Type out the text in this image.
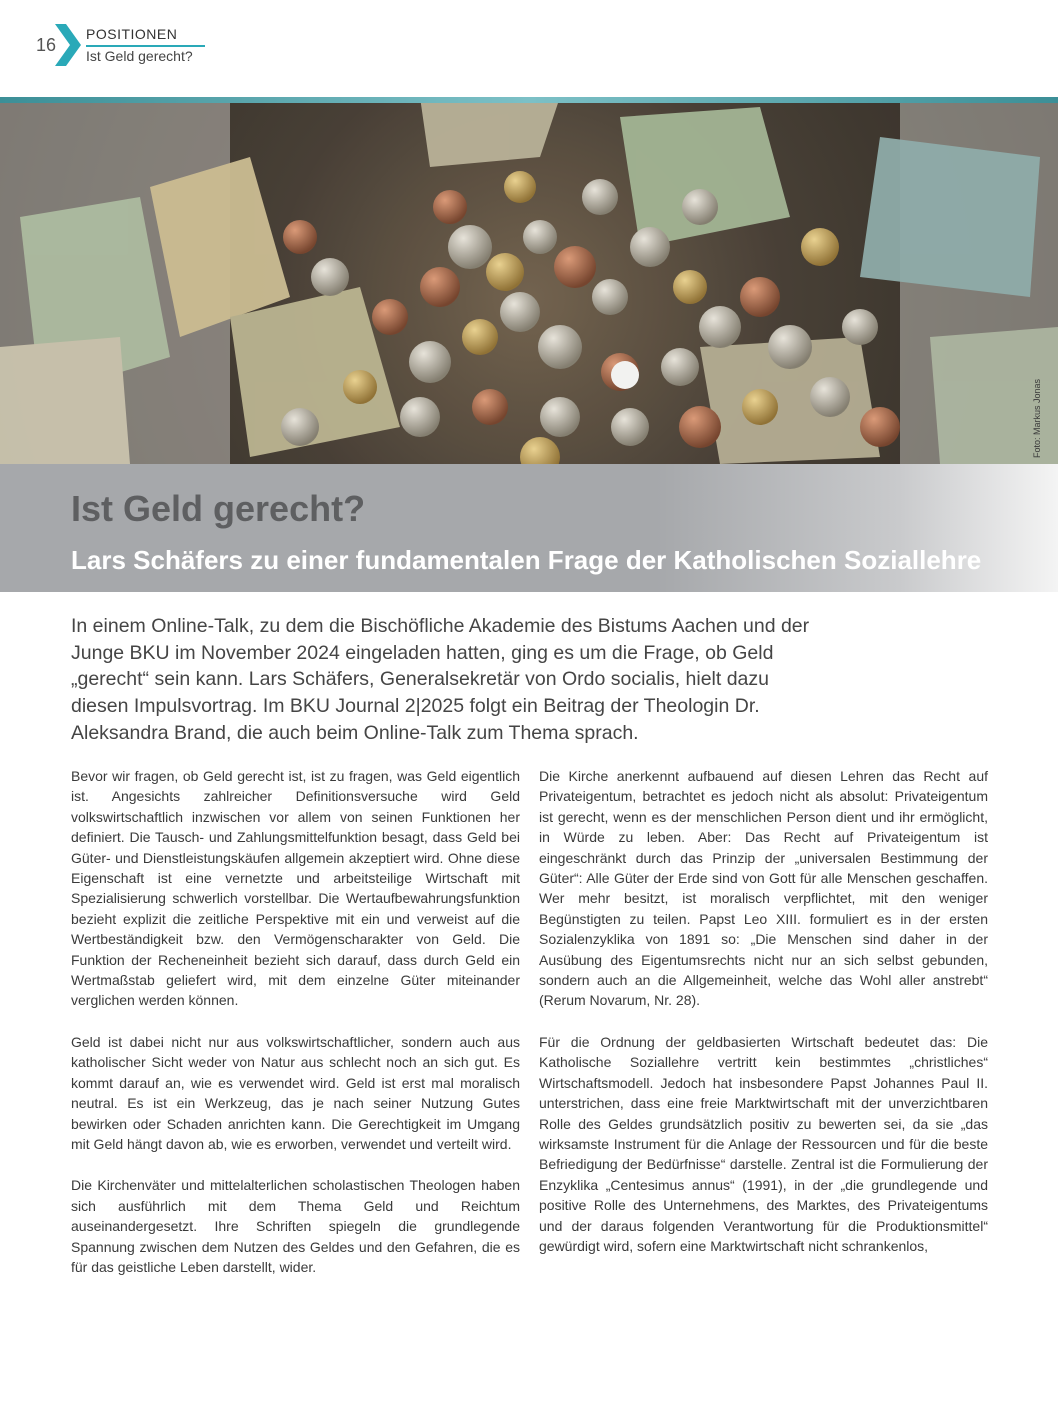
16
POSITIONEN
Ist Geld gerecht?
Foto: Markus Jonas
Ist Geld gerecht?
Lars Schäfers zu einer fundamentalen Frage der Katholischen Soziallehre

In einem Online-Talk, zu dem die Bischöfliche Akademie des Bistums Aachen und der Junge BKU im November 2024 eingeladen hatten, ging es um die Frage, ob Geld „gerecht“ sein kann. Lars Schäfers, Generalsekretär von Ordo socialis, hielt dazu diesen Impulsvortrag. Im BKU Journal 2|2025 folgt ein Beitrag der Theologin Dr. Aleksandra Brand, die auch beim Online-Talk zum Thema sprach.

Bevor wir fragen, ob Geld gerecht ist, ist zu fragen, was Geld eigentlich ist. Angesichts zahlreicher Definitionsversuche wird Geld volkswirtschaftlich inzwischen vor allem von seinen Funktionen her definiert. Die Tausch- und Zahlungsmittelfunktion besagt, dass Geld bei Güter- und Dienstleistungskäufen allgemein akzeptiert wird. Ohne diese Eigenschaft ist eine vernetzte und arbeitsteilige Wirtschaft mit Spezialisierung schwerlich vorstellbar. Die Wertaufbewahrungsfunktion bezieht explizit die zeitliche Perspektive mit ein und verweist auf die Wertbeständigkeit bzw. den Vermögenscharakter von Geld. Die Funktion der Recheneinheit bezieht sich darauf, dass durch Geld ein Wertmaßstab geliefert wird, mit dem einzelne Güter miteinander verglichen werden können.

Geld ist dabei nicht nur aus volkswirtschaftlicher, sondern auch aus katholischer Sicht weder von Natur aus schlecht noch an sich gut. Es kommt darauf an, wie es verwendet wird. Geld ist erst mal moralisch neutral. Es ist ein Werkzeug, das je nach seiner Nutzung Gutes bewirken oder Schaden anrichten kann. Die Gerechtigkeit im Umgang mit Geld hängt davon ab, wie es erworben, verwendet und verteilt wird.

Die Kirchenväter und mittelalterlichen scholastischen Theologen haben sich ausführlich mit dem Thema Geld und Reichtum auseinandergesetzt. Ihre Schriften spiegeln die grundlegende Spannung zwischen dem Nutzen des Geldes und den Gefahren, die es für das geistliche Leben darstellt, wider.

Die Kirche anerkennt aufbauend auf diesen Lehren das Recht auf Privateigentum, betrachtet es jedoch nicht als absolut: Privateigentum ist gerecht, wenn es der menschlichen Person dient und ihr ermöglicht, in Würde zu leben. Aber: Das Recht auf Privateigentum ist eingeschränkt durch das Prinzip der „universalen Bestimmung der Güter“: Alle Güter der Erde sind von Gott für alle Menschen geschaffen. Wer mehr besitzt, ist moralisch verpflichtet, mit den weniger Begünstigten zu teilen. Papst Leo XIII. formuliert es in der ersten Sozialenzyklika von 1891 so: „Die Menschen sind daher in der Ausübung des Eigentumsrechts nicht nur an sich selbst gebunden, sondern auch an die Allgemeinheit, welche das Wohl aller anstrebt“ (Rerum Novarum, Nr. 28).

Für die Ordnung der geldbasierten Wirtschaft bedeutet das: Die Katholische Soziallehre vertritt kein bestimmtes „christliches“ Wirtschaftsmodell. Jedoch hat insbesondere Papst Johannes Paul II. unterstrichen, dass eine freie Marktwirtschaft mit der unverzichtbaren Rolle des Geldes grundsätzlich positiv zu bewerten sei, da sie „das wirksamste Instrument für die Anlage der Ressourcen und für die beste Befriedigung der Bedürfnisse“ darstelle. Zentral ist die Formulierung der Enzyklika „Centesimus annus“ (1991), in der „die grundlegende und positive Rolle des Unternehmens, des Marktes, des Privateigentums und der daraus folgenden Verantwortung für die Produktionsmittel“ gewürdigt wird, sofern eine Marktwirtschaft nicht schrankenlos,
